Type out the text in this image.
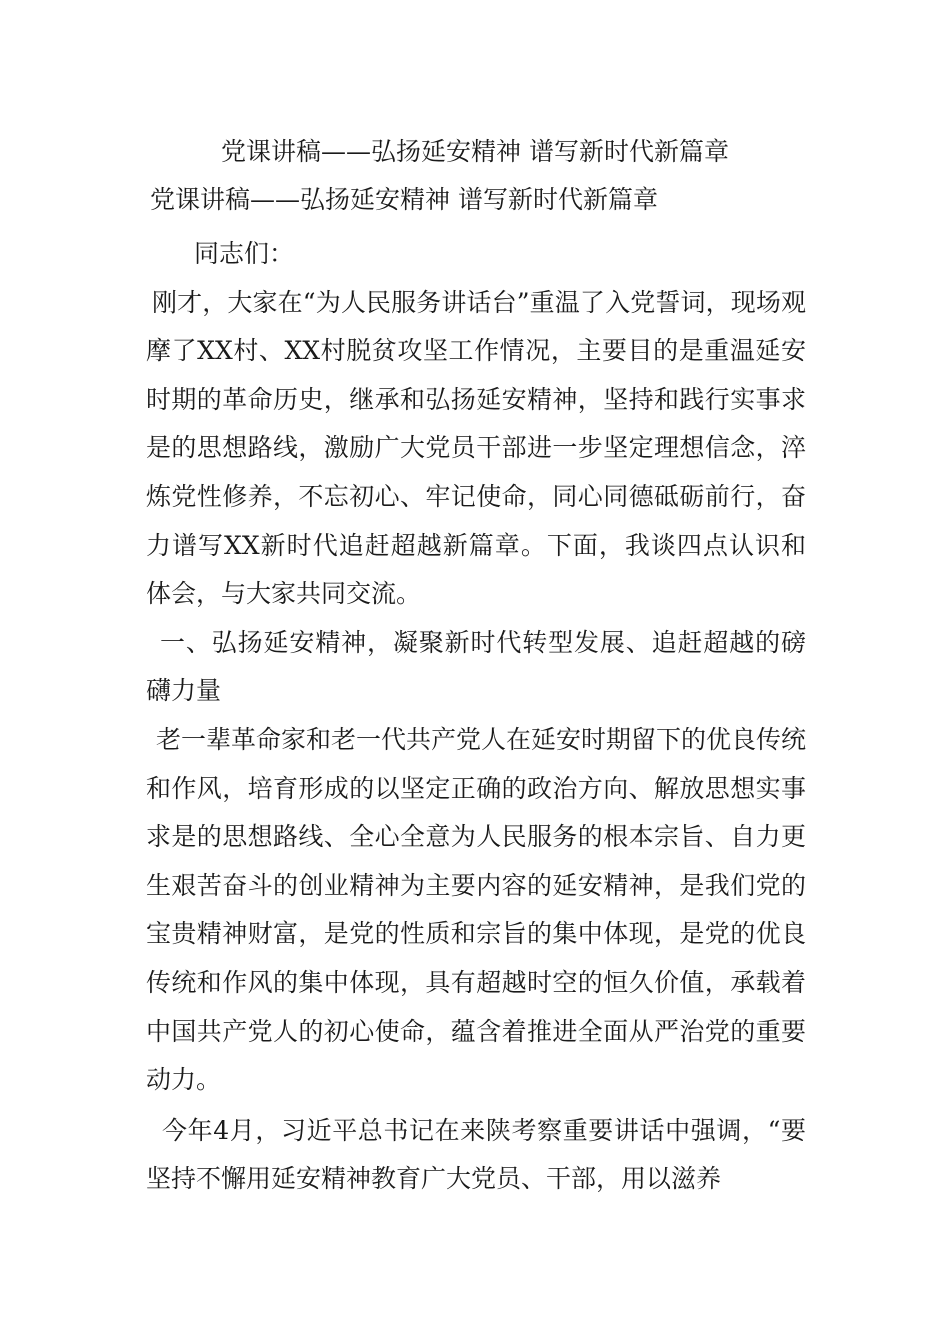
党课讲稿——弘扬延安精神 谱写新时代新篇章
党课讲稿——弘扬延安精神 谱写新时代新篇章

同志们：

刚才，大家在“为人民服务讲话台”重温了入党誓词，现场观摩了XX村、XX村脱贫攻坚工作情况，主要目的是重温延安时期的革命历史，继承和弘扬延安精神，坚持和践行实事求是的思想路线，激励广大党员干部进一步坚定理想信念，淬炼党性修养，不忘初心、牢记使命，同心同德砥砺前行，奋力谱写XX新时代追赶超越新篇章。下面，我谈四点认识和体会，与大家共同交流。

一、弘扬延安精神，凝聚新时代转型发展、追赶超越的磅礴力量

老一辈革命家和老一代共产党人在延安时期留下的优良传统和作风，培育形成的以坚定正确的政治方向、解放思想实事求是的思想路线、全心全意为人民服务的根本宗旨、自力更生艰苦奋斗的创业精神为主要内容的延安精神，是我们党的宝贵精神财富，是党的性质和宗旨的集中体现，是党的优良传统和作风的集中体现，具有超越时空的恒久价值，承载着中国共产党人的初心使命，蕴含着推进全面从严治党的重要动力。

今年4月，习近平总书记在来陕考察重要讲话中强调，“要坚持不懈用延安精神教育广大党员、干部，用以滋养
